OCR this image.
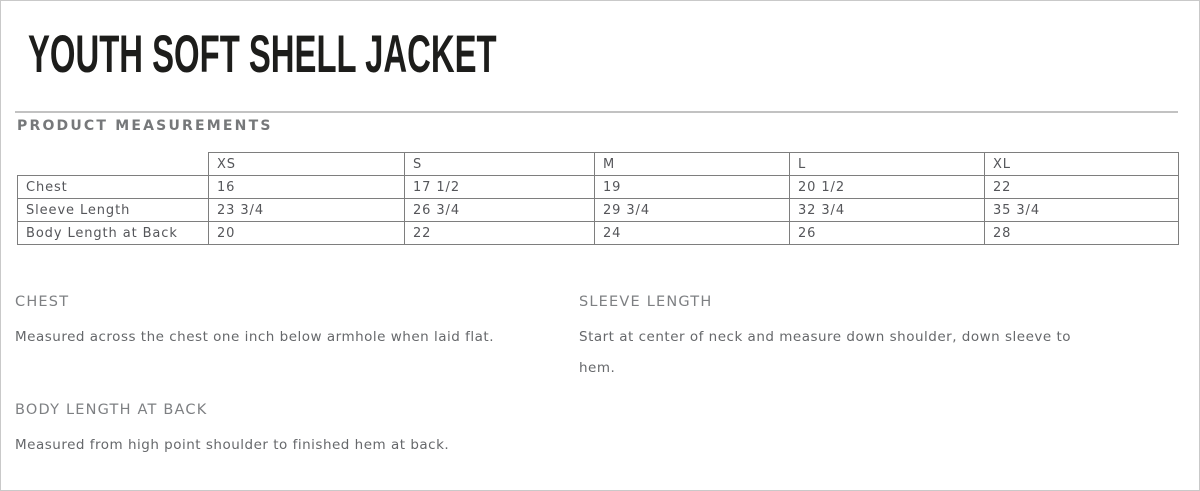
YOUTH SOFT SHELL JACKET
PRODUCT MEASUREMENTS
	XS	S	M	L	XL
Chest	16	17 1/2	19	20 1/2	22
Sleeve Length	23 3/4	26 3/4	29 3/4	32 3/4	35 3/4
Body Length at Back	20	22	24	26	28
CHEST

Measured across the chest one inch below armhole when laid flat.

SLEEVE LENGTH

Start at center of neck and measure down shoulder, down sleeve to hem.

BODY LENGTH AT BACK

Measured from high point shoulder to finished hem at back.
